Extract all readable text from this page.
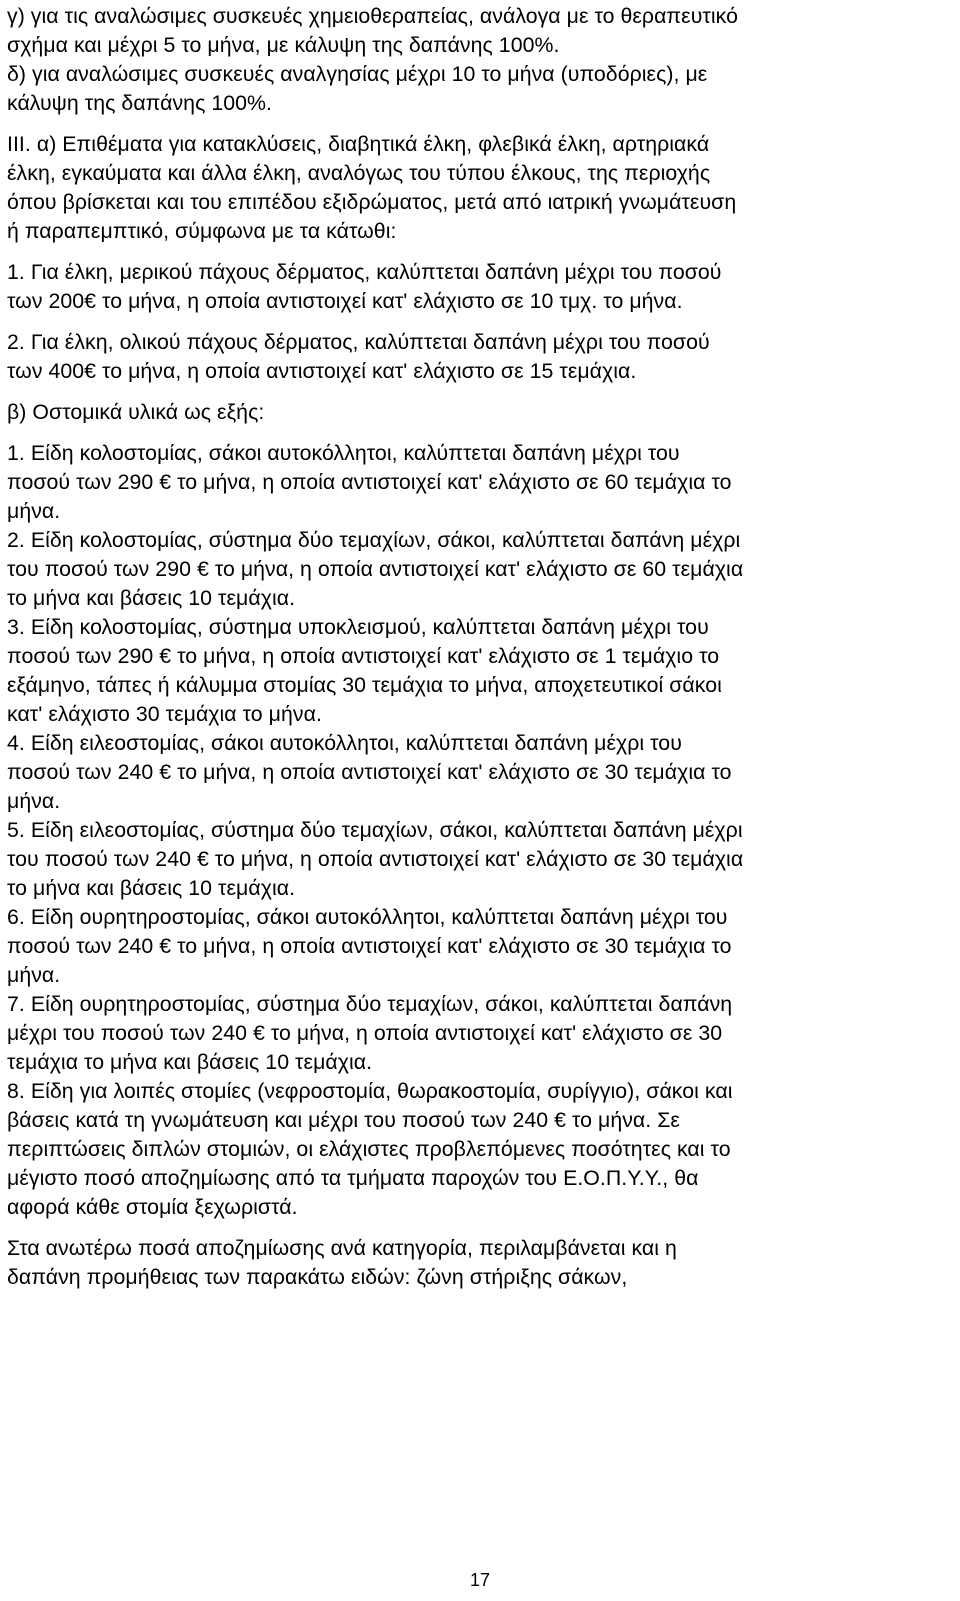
γ) για τις αναλώσιμες συσκευές χημειοθεραπείας, ανάλογα με το θεραπευτικό
σχήμα και μέχρι 5 το μήνα, με κάλυψη της δαπάνης 100%.

δ) για αναλώσιμες συσκευές αναλγησίας μέχρι 10 το μήνα (υποδόριες), με
κάλυψη της δαπάνης 100%.

ΙΙΙ. α) Επιθέματα για κατακλύσεις, διαβητικά έλκη, φλεβικά έλκη, αρτηριακά
έλκη, εγκαύματα και άλλα έλκη, αναλόγως του τύπου έλκους, της περιοχής
όπου βρίσκεται και του επιπέδου εξιδρώματος, μετά από ιατρική γνωμάτευση
ή παραπεμπτικό, σύμφωνα με τα κάτωθι:

1. Για έλκη, μερικού πάχους δέρματος, καλύπτεται δαπάνη μέχρι του ποσού
των 200€ το μήνα, η οποία αντιστοιχεί κατ' ελάχιστο σε 10 τμχ. το μήνα.

2. Για έλκη, ολικού πάχους δέρματος, καλύπτεται δαπάνη μέχρι του ποσού
των 400€ το μήνα, η οποία αντιστοιχεί κατ' ελάχιστο σε 15 τεμάχια.

β) Οστομικά υλικά ως εξής:

1. Είδη κολοστομίας, σάκοι αυτοκόλλητοι, καλύπτεται δαπάνη μέχρι του
ποσού των 290 € το μήνα, η οποία αντιστοιχεί κατ' ελάχιστο σε 60 τεμάχια το
μήνα.

2. Είδη κολοστομίας, σύστημα δύο τεμαχίων, σάκοι, καλύπτεται δαπάνη μέχρι
του ποσού των 290 € το μήνα, η οποία αντιστοιχεί κατ' ελάχιστο σε 60 τεμάχια
το μήνα και βάσεις 10 τεμάχια.

3. Είδη κολοστομίας, σύστημα υποκλεισμού, καλύπτεται δαπάνη μέχρι του
ποσού των 290 € το μήνα, η οποία αντιστοιχεί κατ' ελάχιστο σε 1 τεμάχιο το
εξάμηνο, τάπες ή κάλυμμα στομίας 30 τεμάχια το μήνα, αποχετευτικοί σάκοι
κατ' ελάχιστο 30 τεμάχια το μήνα.

4. Είδη ειλεοστομίας, σάκοι αυτοκόλλητοι, καλύπτεται δαπάνη μέχρι του
ποσού των 240 € το μήνα, η οποία αντιστοιχεί κατ' ελάχιστο σε 30 τεμάχια το
μήνα.

5. Είδη ειλεοστομίας, σύστημα δύο τεμαχίων, σάκοι, καλύπτεται δαπάνη μέχρι
του ποσού των 240 € το μήνα, η οποία αντιστοιχεί κατ' ελάχιστο σε 30 τεμάχια
το μήνα και βάσεις 10 τεμάχια.

6. Είδη ουρητηροστομίας, σάκοι αυτοκόλλητοι, καλύπτεται δαπάνη μέχρι του
ποσού των 240 € το μήνα, η οποία αντιστοιχεί κατ' ελάχιστο σε 30 τεμάχια το
μήνα.

7. Είδη ουρητηροστομίας, σύστημα δύο τεμαχίων, σάκοι, καλύπτεται δαπάνη
μέχρι του ποσού των 240 € το μήνα, η οποία αντιστοιχεί κατ' ελάχιστο σε 30
τεμάχια το μήνα και βάσεις 10 τεμάχια.

8. Είδη για λοιπές στομίες (νεφροστομία, θωρακοστομία, συρίγγιο), σάκοι και
βάσεις κατά τη γνωμάτευση και μέχρι του ποσού των 240 € το μήνα. Σε
περιπτώσεις διπλών στομιών, οι ελάχιστες προβλεπόμενες ποσότητες και το
μέγιστο ποσό αποζημίωσης από τα τμήματα παροχών του Ε.Ο.Π.Υ.Υ., θα
αφορά κάθε στομία ξεχωριστά.

Στα ανωτέρω ποσά αποζημίωσης ανά κατηγορία, περιλαμβάνεται και η
δαπάνη προμήθειας των παρακάτω ειδών: ζώνη στήριξης σάκων,

17
